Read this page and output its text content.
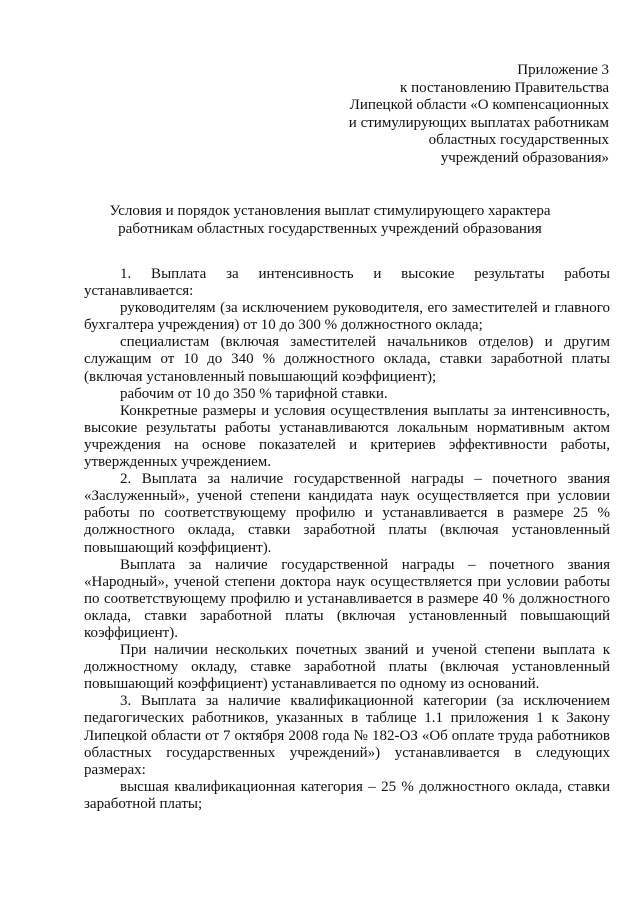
Приложение 3
к постановлению Правительства
Липецкой области «О компенсационных
и стимулирующих выплатах работникам
областных государственных
учреждений образования»
Условия и порядок установления выплат стимулирующего характера
работникам областных государственных учреждений образования

1. Выплата за интенсивность и высокие результаты работы устанавливается:

руководителям (за исключением руководителя, его заместителей и главного бухгалтера учреждения) от 10 до 300 % должностного оклада;

специалистам (включая заместителей начальников отделов) и другим служащим от 10 до 340 % должностного оклада, ставки заработной платы (включая установленный повышающий коэффициент);

рабочим от 10 до 350 % тарифной ставки.

Конкретные размеры и условия осуществления выплаты за интенсивность, высокие результаты работы устанавливаются локальным нормативным актом учреждения на основе показателей и критериев эффективности работы, утвержденных учреждением.

2. Выплата за наличие государственной награды – почетного звания «Заслуженный», ученой степени кандидата наук осуществляется при условии работы по соответствующему профилю и устанавливается в размере 25 % должностного оклада, ставки заработной платы (включая установленный повышающий коэффициент).

Выплата за наличие государственной награды – почетного звания «Народный», ученой степени доктора наук осуществляется при условии работы по соответствующему профилю и устанавливается в размере 40 % должностного оклада, ставки заработной платы (включая установленный повышающий коэффициент).

При наличии нескольких почетных званий и ученой степени выплата к должностному окладу, ставке заработной платы (включая установленный повышающий коэффициент) устанавливается по одному из оснований.

3. Выплата за наличие квалификационной категории (за исключением педагогических работников, указанных в таблице 1.1 приложения 1 к Закону Липецкой области от 7 октября 2008 года № 182-ОЗ «Об оплате труда работников областных государственных учреждений») устанавливается в следующих размерах:

высшая квалификационная категория – 25 % должностного оклада, ставки заработной платы;
